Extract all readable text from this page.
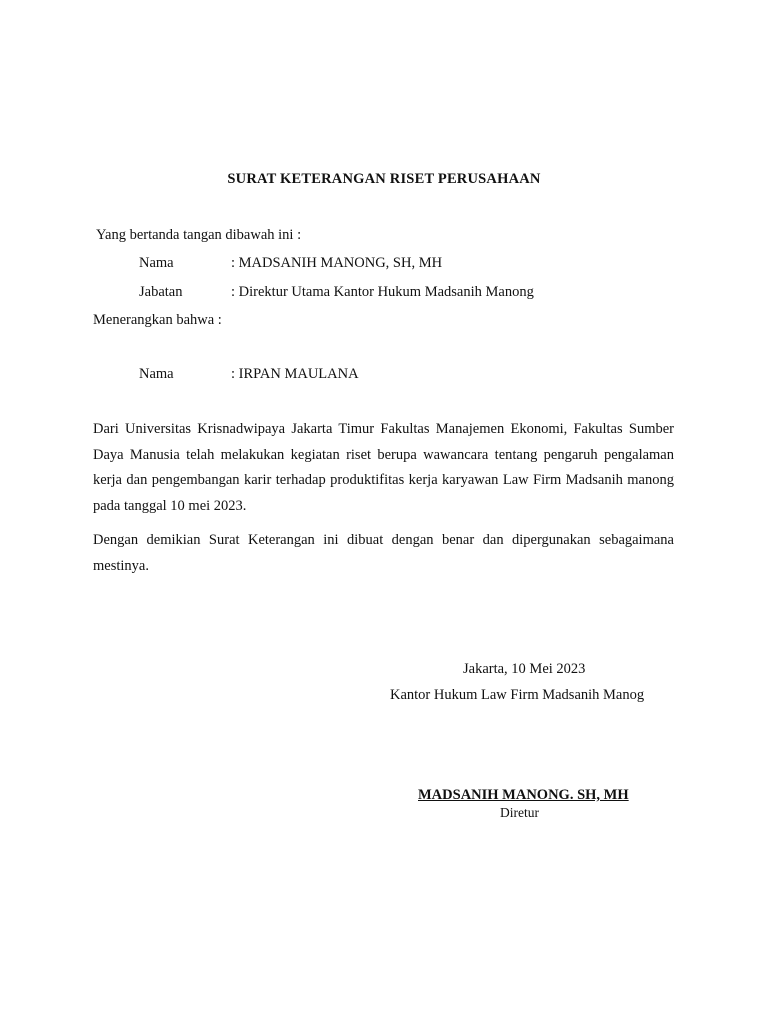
SURAT KETERANGAN RISET PERUSAHAAN
Yang bertanda tangan dibawah ini :
Nama	: MADSANIH MANONG, SH, MH
Jabatan	: Direktur Utama Kantor Hukum Madsanih Manong
Menerangkan bahwa :
Nama	: IRPAN MAULANA
Dari Universitas Krisnadwipaya Jakarta Timur Fakultas Manajemen Ekonomi, Fakultas Sumber Daya Manusia telah melakukan kegiatan riset berupa wawancara tentang pengaruh pengalaman kerja dan pengembangan karir terhadap produktifitas kerja karyawan Law Firm Madsanih manong pada tanggal 10 mei 2023.
Dengan demikian Surat Keterangan ini dibuat dengan benar dan dipergunakan sebagaimana mestinya.
Jakarta, 10 Mei 2023
Kantor Hukum Law Firm Madsanih Manog
MADSANIH MANONG. SH, MH
Diretur
